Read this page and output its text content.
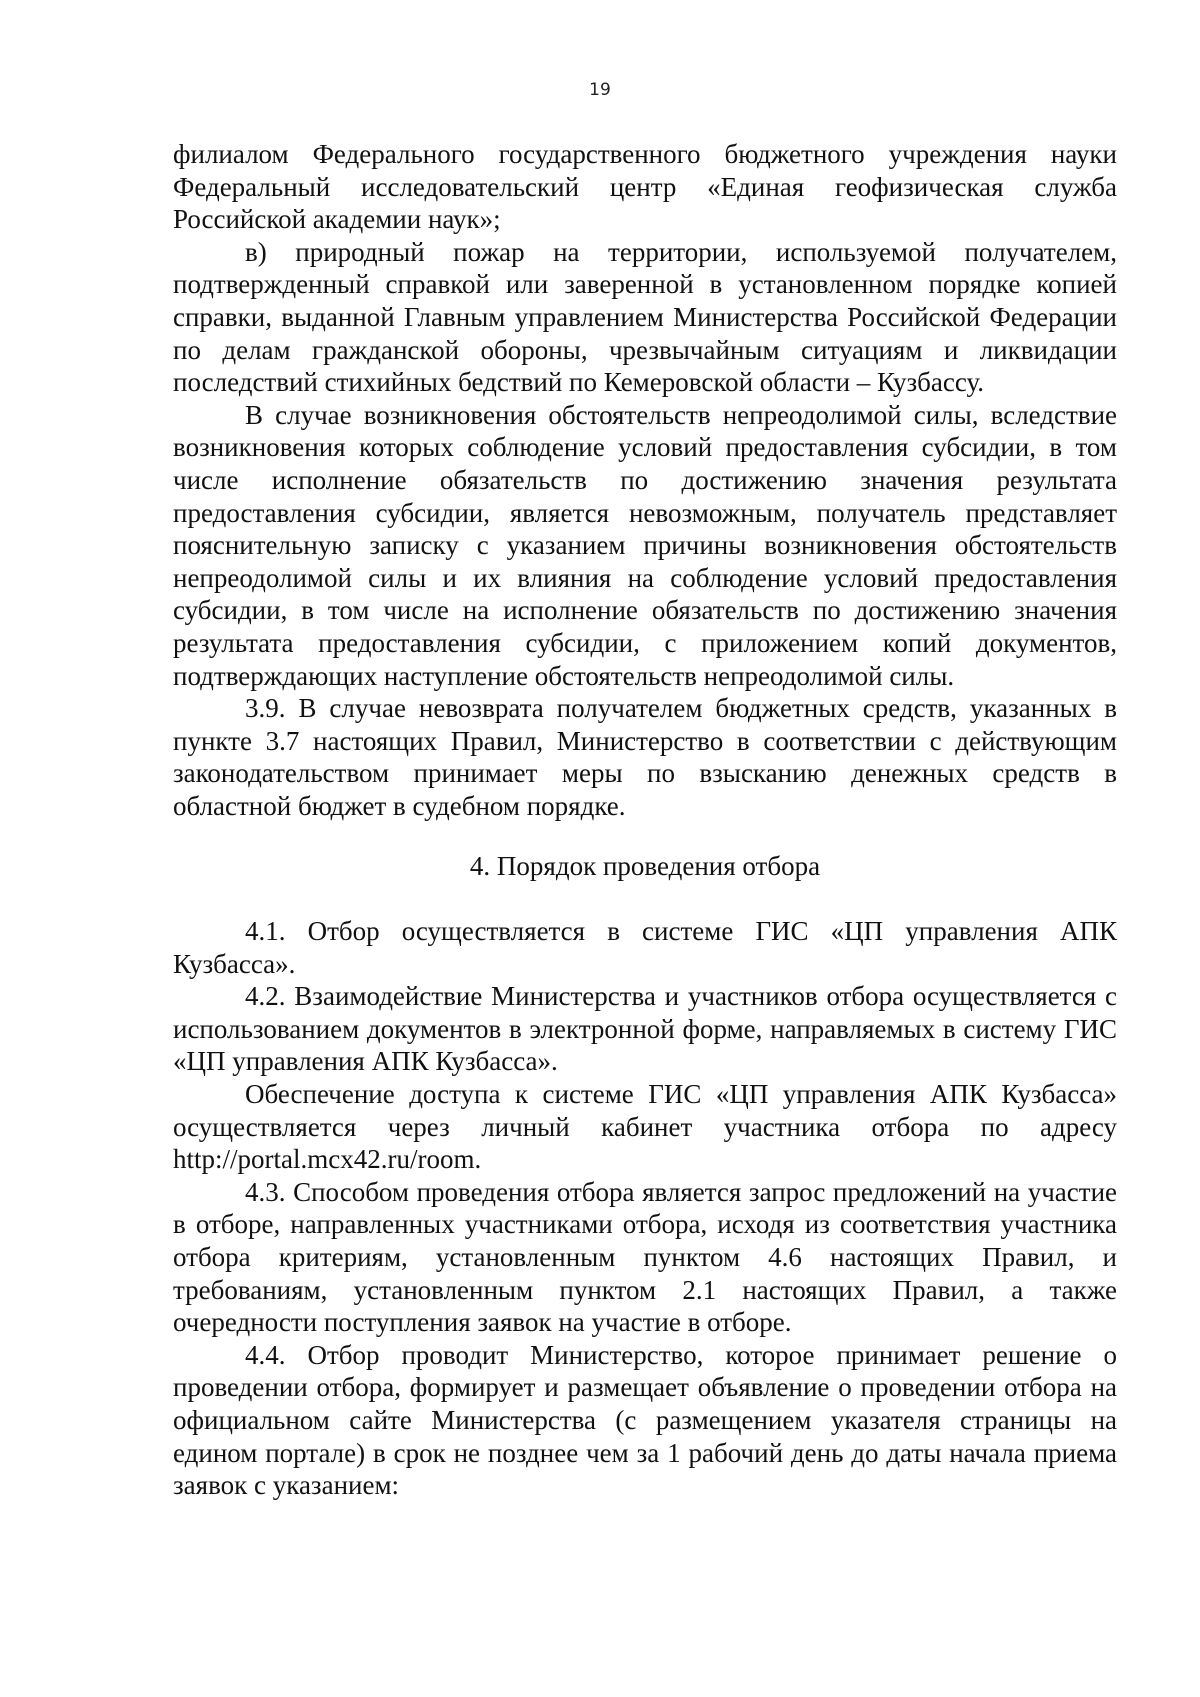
19

филиалом Федерального государственного бюджетного учреждения науки Федеральный исследовательский центр «Единая геофизическая служба Российской академии наук»;

в) природный пожар на территории, используемой получателем, подтвержденный справкой или заверенной в установленном порядке копией справки, выданной Главным управлением Министерства Российской Федерации по делам гражданской обороны, чрезвычайным ситуациям и ликвидации последствий стихийных бедствий по Кемеровской области – Кузбассу.

В случае возникновения обстоятельств непреодолимой силы, вследствие возникновения которых соблюдение условий предоставления субсидии, в том числе исполнение обязательств по достижению значения результата предоставления субсидии, является невозможным, получатель представляет пояснительную записку с указанием причины возникновения обстоятельств непреодолимой силы и их влияния на соблюдение условий предоставления субсидии, в том числе на исполнение обязательств по достижению значения результата предоставления субсидии, с приложением копий документов, подтверждающих наступление обстоятельств непреодолимой силы.

3.9. В случае невозврата получателем бюджетных средств, указанных в пункте 3.7 настоящих Правил, Министерство в соответствии с действующим законодательством принимает меры по взысканию денежных средств в областной бюджет в судебном порядке.

4. Порядок проведения отбора

4.1. Отбор осуществляется в системе ГИС «ЦП управления АПК Кузбасса».

4.2. Взаимодействие Министерства и участников отбора осуществляется с использованием документов в электронной форме, направляемых в систему ГИС «ЦП управления АПК Кузбасса».

Обеспечение доступа к системе ГИС «ЦП управления АПК Кузбасса» осуществляется через личный кабинет участника отбора по адресу http://portal.mcx42.ru/room.

4.3. Способом проведения отбора является запрос предложений на участие в отборе, направленных участниками отбора, исходя из соответствия участника отбора критериям, установленным пунктом 4.6 настоящих Правил, и требованиям, установленным пунктом 2.1 настоящих Правил, а также очередности поступления заявок на участие в отборе.

4.4. Отбор проводит Министерство, которое принимает решение о проведении отбора, формирует и размещает объявление о проведении отбора на официальном сайте Министерства (с размещением указателя страницы на едином портале) в срок не позднее чем за 1 рабочий день до даты начала приема заявок с указанием:
